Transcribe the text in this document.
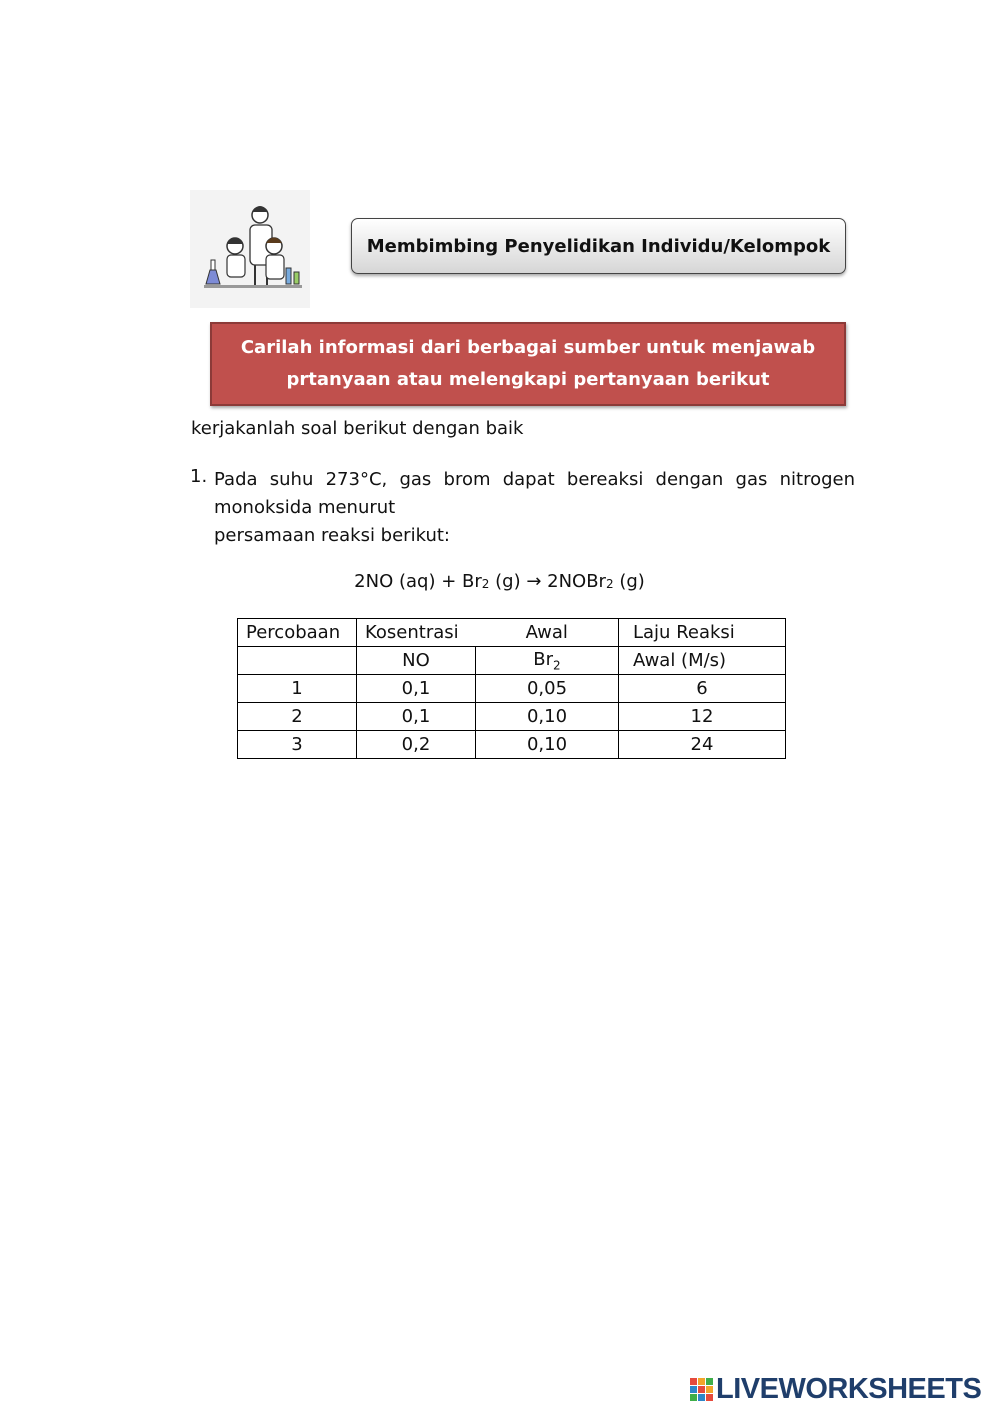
Membimbing Penyelidikan Individu/Kelompok
Carilah informasi dari berbagai sumber untuk menjawab
prtanyaan atau melengkapi pertanyaan berikut
kerjakanlah soal berikut dengan baik
1. Pada suhu 273°C, gas brom dapat bereaksi dengan gas nitrogen
monoksida menurut
persamaan reaksi berikut:
2NO $(aq) + Br_2$ (g) → 2NOBr$_2$ (g)
Percobaan	Kosentrasi	Awal	Laju Reaksi
	NO	$Br_2$	Awal (M/s)
1	0,1	0,05	6
2	0,1	0,10	12
3	0,2	0,10	24
LIVEWORKSHEETS
